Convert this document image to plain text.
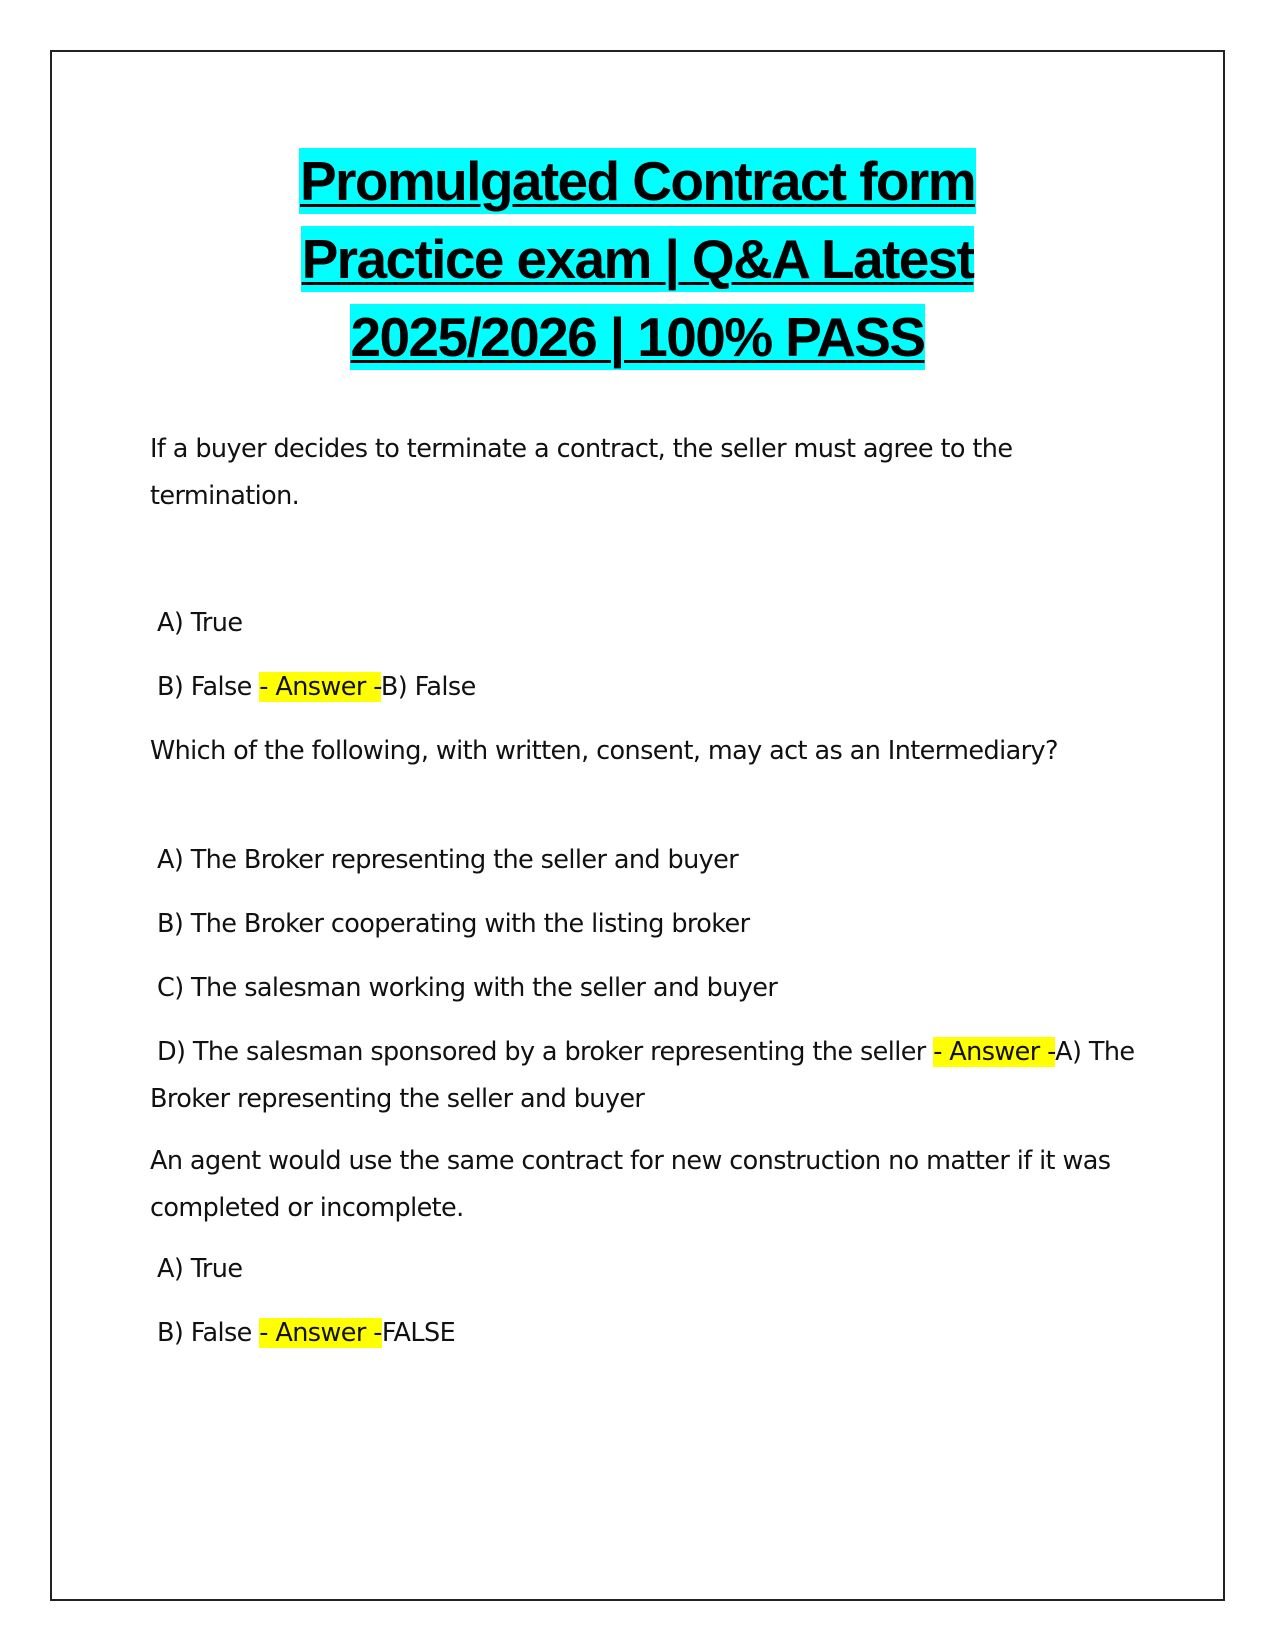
Promulgated Contract form
Practice exam | Q&A Latest
2025/2026 | 100% PASS

If a buyer decides to terminate a contract, the seller must agree to the termination.

A) True

B) False - Answer -B) False

Which of the following, with written, consent, may act as an Intermediary?

A) The Broker representing the seller and buyer

B) The Broker cooperating with the listing broker

C) The salesman working with the seller and buyer

D) The salesman sponsored by a broker representing the seller - Answer -A) The Broker representing the seller and buyer

An agent would use the same contract for new construction no matter if it was completed or incomplete.

A) True

B) False - Answer -FALSE
